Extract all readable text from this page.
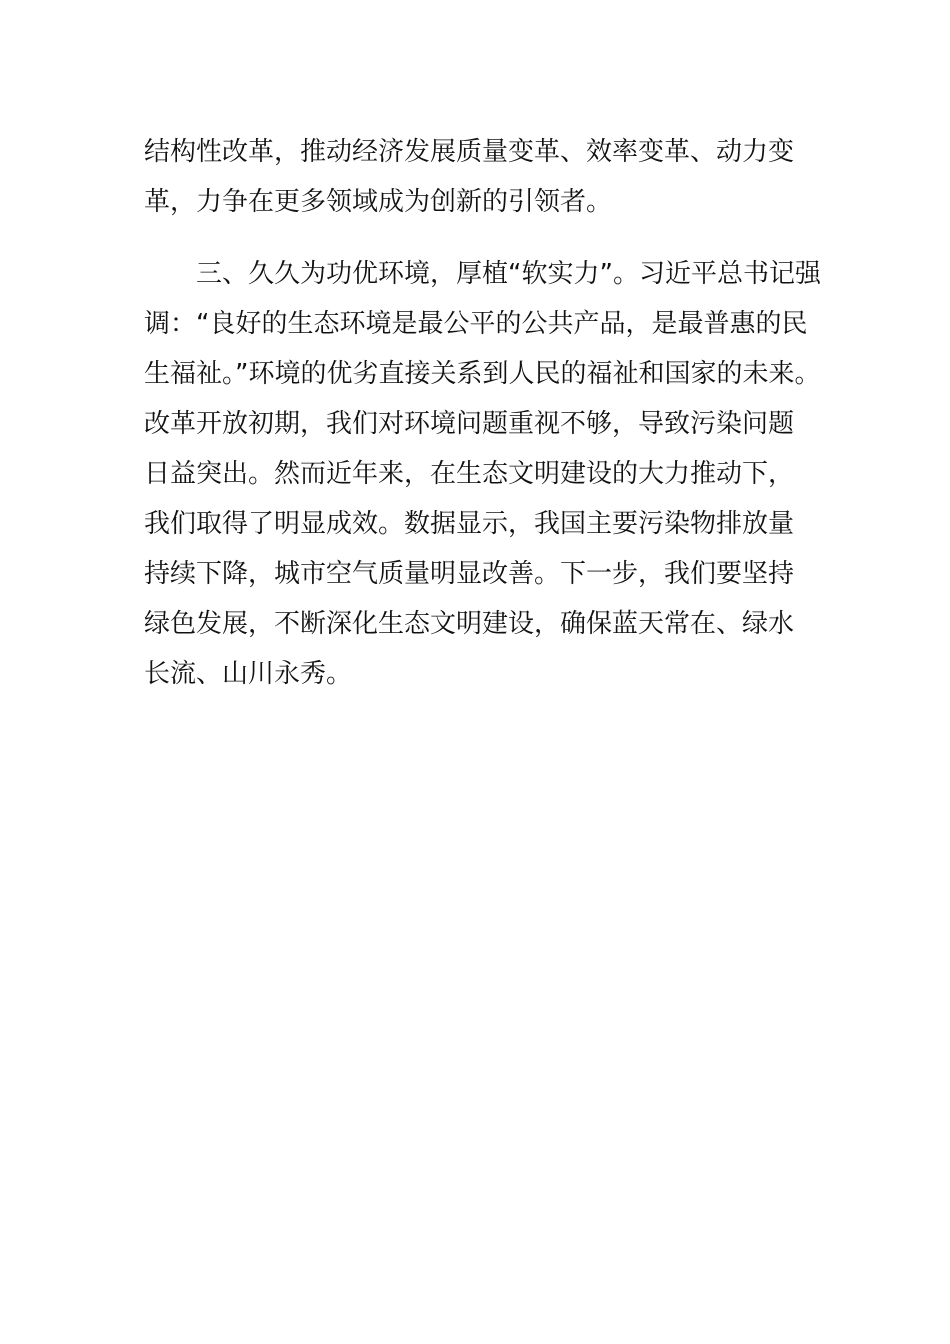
结构性改革，推动经济发展质量变革、效率变革、动力变
革，力争在更多领域成为创新的引领者。

三、久久为功优环境，厚植“软实力”。习近平总书记强
调：“良好的生态环境是最公平的公共产品，是最普惠的民
生福祉。”环境的优劣直接关系到人民的福祉和国家的未来。
改革开放初期，我们对环境问题重视不够，导致污染问题
日益突出。然而近年来，在生态文明建设的大力推动下，
我们取得了明显成效。数据显示，我国主要污染物排放量
持续下降，城市空气质量明显改善。下一步，我们要坚持
绿色发展，不断深化生态文明建设，确保蓝天常在、绿水
长流、山川永秀。
